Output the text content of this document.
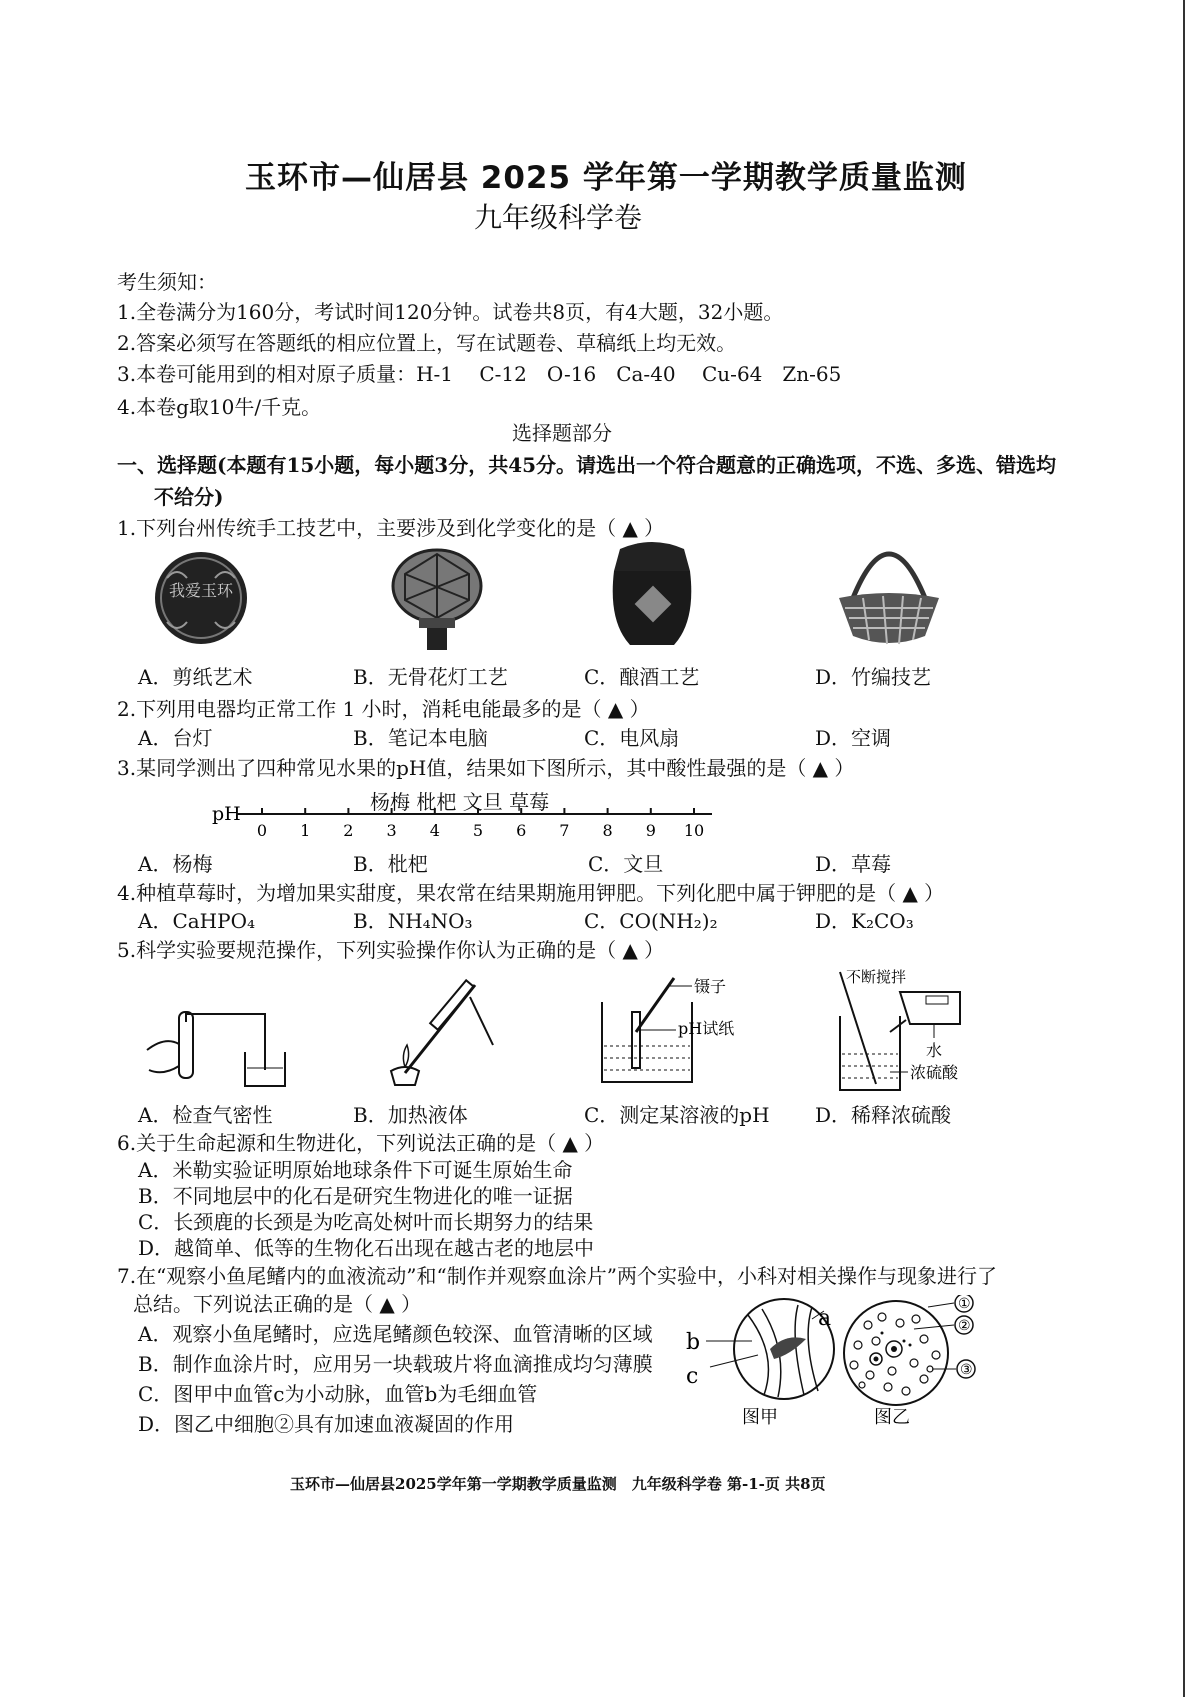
玉环市—仙居县 2025 学年第一学期教学质量监测
九年级科学卷
考生须知：
1.全卷满分为160分，考试时间120分钟。试卷共8页，有4大题，32小题。
2.答案必须写在答题纸的相应位置上，写在试题卷、草稿纸上均无效。
3.本卷可能用到的相对原子质量：H-1　 C-12　O-16　Ca-40　 Cu-64　Zn-65
4.本卷g取10牛/千克。
选择题部分
一、选择题(本题有15小题，每小题3分，共45分。请选出一个符合题意的正确选项，不选、多选、错选均
不给分)
1.下列台州传统手工技艺中，主要涉及到化学变化的是（ ▲ ）
我爱玉环
A．剪纸艺术	B．无骨花灯工艺	C．酿酒工艺	D．竹编技艺
2.下列用电器均正常工作 1 小时，消耗电能最多的是（ ▲ ）
A．台灯	B．笔记本电脑	C．电风扇	D．空调
3.某同学测出了四种常见水果的pH值，结果如下图所示，其中酸性最强的是（ ▲ ）
杨梅 枇杷 文旦 草莓
pH
0 1 2 3 4 5 6 7 8 9 10
A．杨梅	B．枇杷	C．文旦	D．草莓
4.种植草莓时，为增加果实甜度，果农常在结果期施用钾肥。下列化肥中属于钾肥的是（ ▲ ）
A．CaHPO₄	B．NH₄NO₃	C．CO(NH₂)₂	D．K₂CO₃
5.科学实验要规范操作，下列实验操作你认为正确的是（ ▲ ）
镊子
pH试纸
不断搅拌
水
浓硫酸
A．检查气密性	B．加热液体	C．测定某溶液的pH D．稀释浓硫酸
6.关于生命起源和生物进化，下列说法正确的是（ ▲ ）
A．米勒实验证明原始地球条件下可诞生原始生命
B．不同地层中的化石是研究生物进化的唯一证据
C．长颈鹿的长颈是为吃高处树叶而长期努力的结果
D．越简单、低等的生物化石出现在越古老的地层中
7.在“观察小鱼尾鳍内的血液流动”和“制作并观察血涂片”两个实验中，小科对相关操作与现象进行了
总结。下列说法正确的是（ ▲ ）
A．观察小鱼尾鳍时，应选尾鳍颜色较深、血管清晰的区域
B．制作血涂片时，应用另一块载玻片将血滴推成均匀薄膜
C．图甲中血管c为小动脉，血管b为毛细血管
D．图乙中细胞②具有加速血液凝固的作用
a
b
c
图甲
①
②
③
图乙
玉环市—仙居县2025学年第一学期教学质量监测　九年级科学卷 第-1-页 共8页
